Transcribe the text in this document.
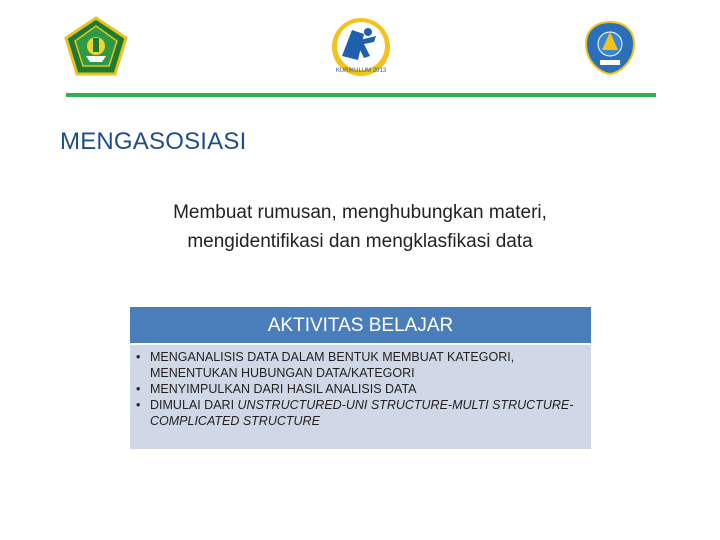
KURIKULUM 2013
MENGASOSIASI
Membuat rumusan, menghubungkan materi,
mengidentifikasi dan mengklasfikasi data
AKTIVITAS BELAJAR
• MENGANALISIS DATA DALAM BENTUK MEMBUAT KATEGORI, MENENTUKAN HUBUNGAN DATA/KATEGORI
• MENYIMPULKAN DARI HASIL ANALISIS DATA
• DIMULAI DARI UNSTRUCTURED-UNI STRUCTURE-MULTI STRUCTURE-COMPLICATED STRUCTURE
